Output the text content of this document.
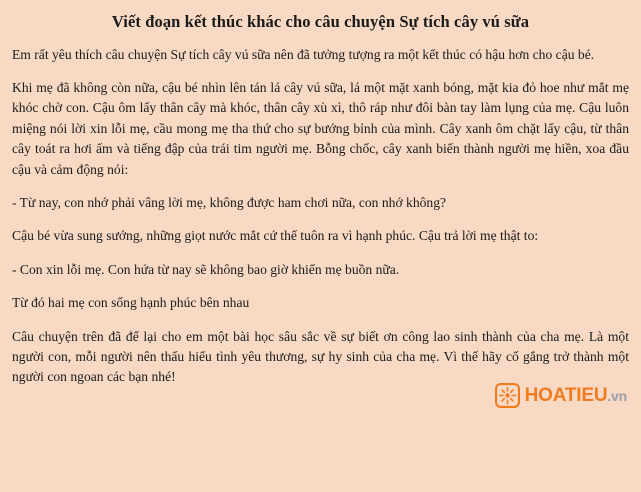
Viết đoạn kết thúc khác cho câu chuyện Sự tích cây vú sữa

Em rất yêu thích câu chuyện Sự tích cây vú sữa nên đã tưởng tượng ra một kết thúc có hậu hơn cho cậu bé.

Khi mẹ đã không còn nữa, cậu bé nhìn lên tán lá cây vú sữa, lá một mặt xanh bóng, mặt kia đỏ hoe như mắt mẹ khóc chờ con. Cậu ôm lấy thân cây mà khóc, thân cây xù xì, thô ráp như đôi bàn tay làm lụng của mẹ. Cậu luôn miệng nói lời xin lỗi mẹ, cầu mong mẹ tha thứ cho sự bướng bỉnh của mình. Cây xanh ôm chặt lấy cậu, từ thân cây toát ra hơi ấm và tiếng đập của trái tim người mẹ. Bỗng chốc, cây xanh biến thành người mẹ hiền, xoa đầu cậu và cảm động nói:

- Từ nay, con nhớ phải vâng lời mẹ, không được ham chơi nữa, con nhớ không?

Cậu bé vừa sung sướng, những giọt nước mắt cứ thế tuôn ra vì hạnh phúc. Cậu trả lời mẹ thật to:

- Con xin lỗi mẹ. Con hứa từ nay sẽ không bao giờ khiến mẹ buồn nữa.

Từ đó hai mẹ con sống hạnh phúc bên nhau

Câu chuyện trên đã để lại cho em một bài học sâu sắc về sự biết ơn công lao sinh thành của cha mẹ. Là một người con, mỗi người nên thấu hiểu tình yêu thương, sự hy sinh của cha mẹ. Vì thế hãy cố gắng trở thành một người con ngoan các bạn nhé!

HOATIEU.vn
